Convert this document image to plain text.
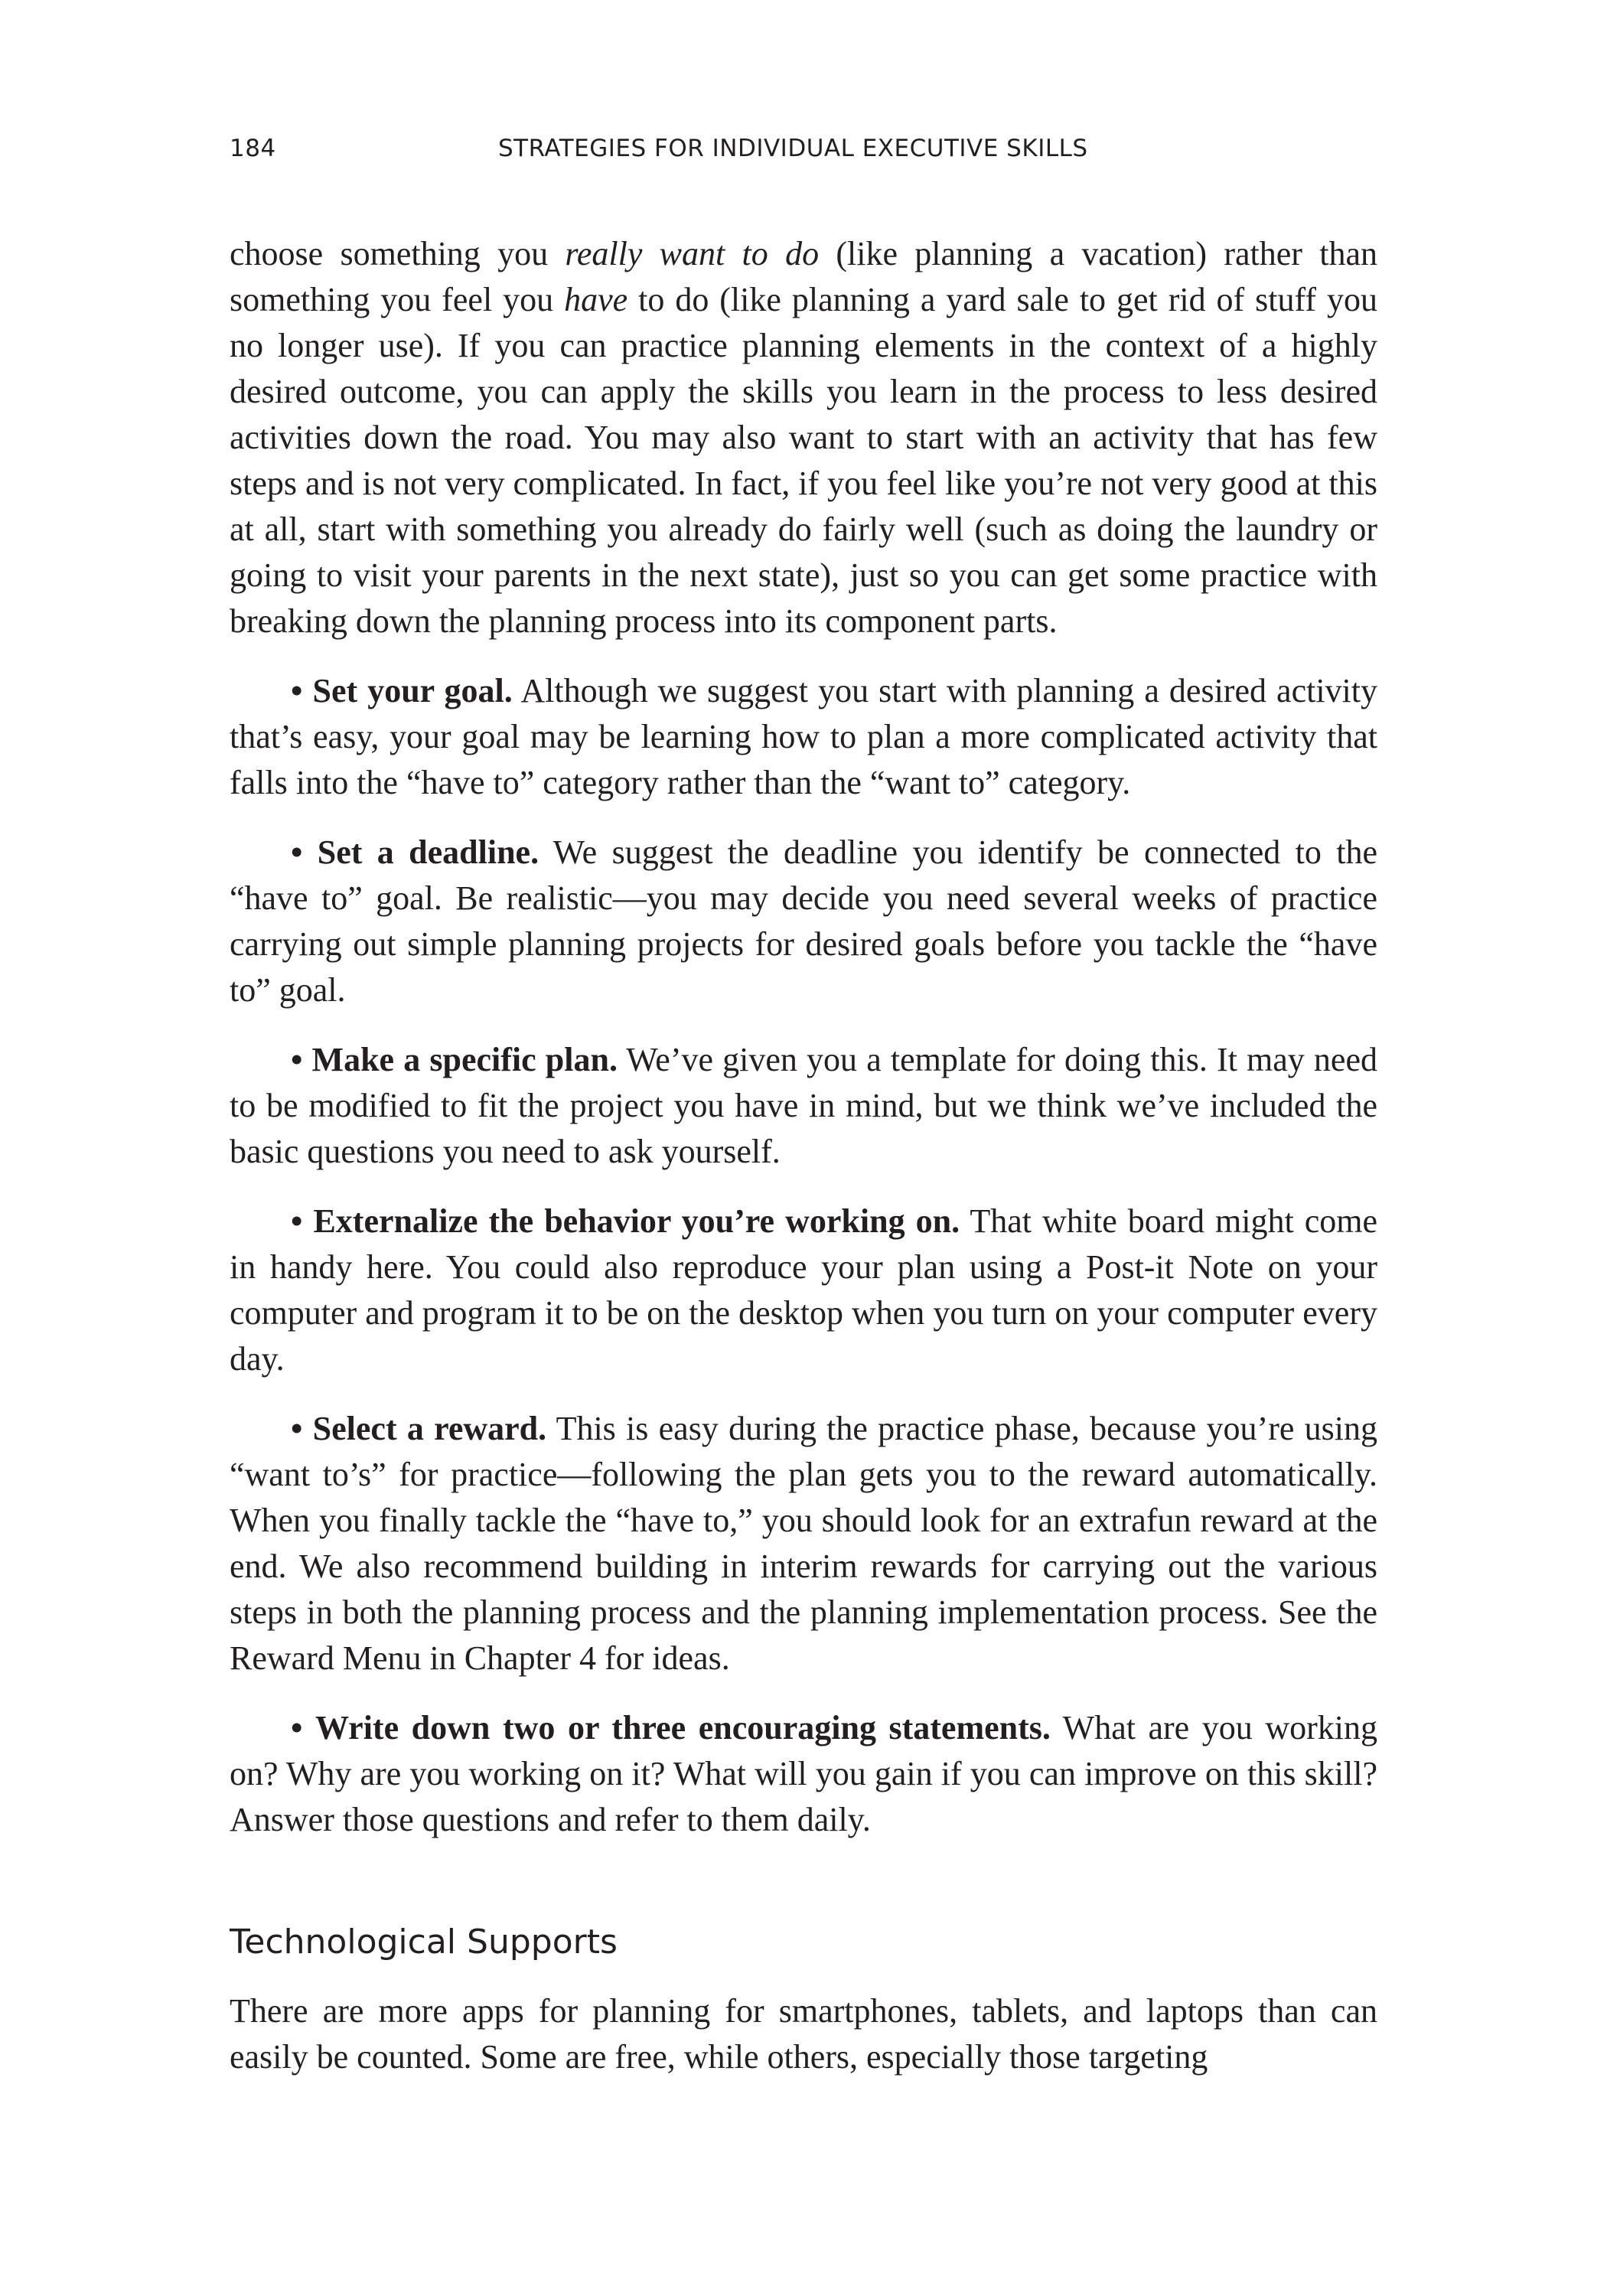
184	STRATEGIES FOR INDIVIDUAL EXECUTIVE SKILLS

choose something you really want to do (like planning a vacation) rather than something you feel you have to do (like planning a yard sale to get rid of stuff you no longer use). If you can practice planning elements in the context of a highly desired outcome, you can apply the skills you learn in the process to less desired activities down the road. You may also want to start with an activity that has few steps and is not very complicated. In fact, if you feel like you’re not very good at this at all, start with something you already do fairly well (such as doing the laundry or going to visit your parents in the next state), just so you can get some practice with breaking down the planning process into its component parts.

• Set your goal. Although we suggest you start with planning a desired activity that’s easy, your goal may be learning how to plan a more complicated activity that falls into the “have to” category rather than the “want to” category.

• Set a deadline. We suggest the deadline you identify be connected to the “have to” goal. Be realistic—you may decide you need several weeks of practice carrying out simple planning projects for desired goals before you tackle the “have to” goal.

• Make a specific plan. We’ve given you a template for doing this. It may need to be modified to fit the project you have in mind, but we think we’ve included the basic questions you need to ask yourself.

• Externalize the behavior you’re working on. That white board might come in handy here. You could also reproduce your plan using a Post-it Note on your computer and program it to be on the desktop when you turn on your computer every day.

• Select a reward. This is easy during the practice phase, because you’re using “want to’s” for practice—following the plan gets you to the reward automatically. When you finally tackle the “have to,” you should look for an extrafun reward at the end. We also recommend building in interim rewards for carrying out the various steps in both the planning process and the planning implementation process. See the Reward Menu in Chapter 4 for ideas.

• Write down two or three encouraging statements. What are you working on? Why are you working on it? What will you gain if you can improve on this skill? Answer those questions and refer to them daily.

Technological Supports

There are more apps for planning for smartphones, tablets, and laptops than can easily be counted. Some are free, while others, especially those targeting
